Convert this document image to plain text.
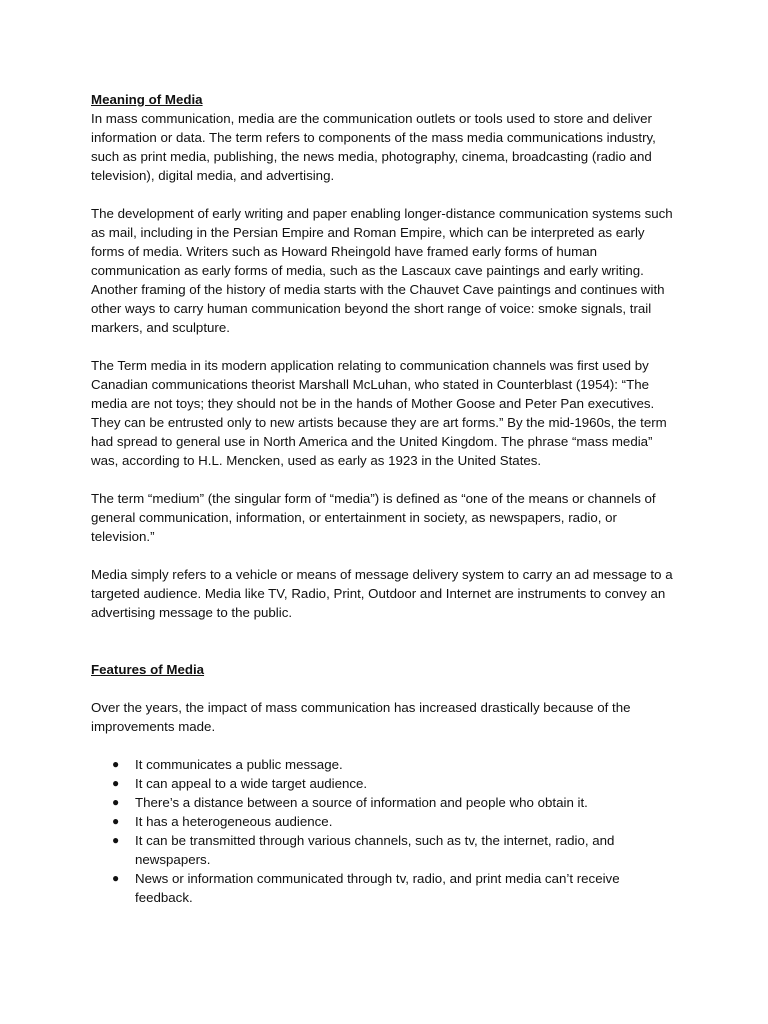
Meaning of Media

In mass communication, media are the communication outlets or tools used to store and deliver information or data. The term refers to components of the mass media communications industry, such as print media, publishing, the news media, photography, cinema, broadcasting (radio and television), digital media, and advertising.

The development of early writing and paper enabling longer-distance communication systems such as mail, including in the Persian Empire and Roman Empire, which can be interpreted as early forms of media. Writers such as Howard Rheingold have framed early forms of human communication as early forms of media, such as the Lascaux cave paintings and early writing. Another framing of the history of media starts with the Chauvet Cave paintings and continues with other ways to carry human communication beyond the short range of voice: smoke signals, trail markers, and sculpture.

The Term media in its modern application relating to communication channels was first used by Canadian communications theorist Marshall McLuhan, who stated in Counterblast (1954): “The media are not toys; they should not be in the hands of Mother Goose and Peter Pan executives. They can be entrusted only to new artists because they are art forms.” By the mid-1960s, the term had spread to general use in North America and the United Kingdom. The phrase “mass media” was, according to H.L. Mencken, used as early as 1923 in the United States.

The term “medium” (the singular form of “media”) is defined as “one of the means or channels of general communication, information, or entertainment in society, as newspapers, radio, or television.”

Media simply refers to a vehicle or means of message delivery system to carry an ad message to a targeted audience. Media like TV, Radio, Print, Outdoor and Internet are instruments to convey an advertising message to the public.

Features of Media

Over the years, the impact of mass communication has increased drastically because of the improvements made.

● It communicates a public message.
● It can appeal to a wide target audience.
● There’s a distance between a source of information and people who obtain it.
● It has a heterogeneous audience.
● It can be transmitted through various channels, such as tv, the internet, radio, and newspapers.
● News or information communicated through tv, radio, and print media can’t receive feedback.
